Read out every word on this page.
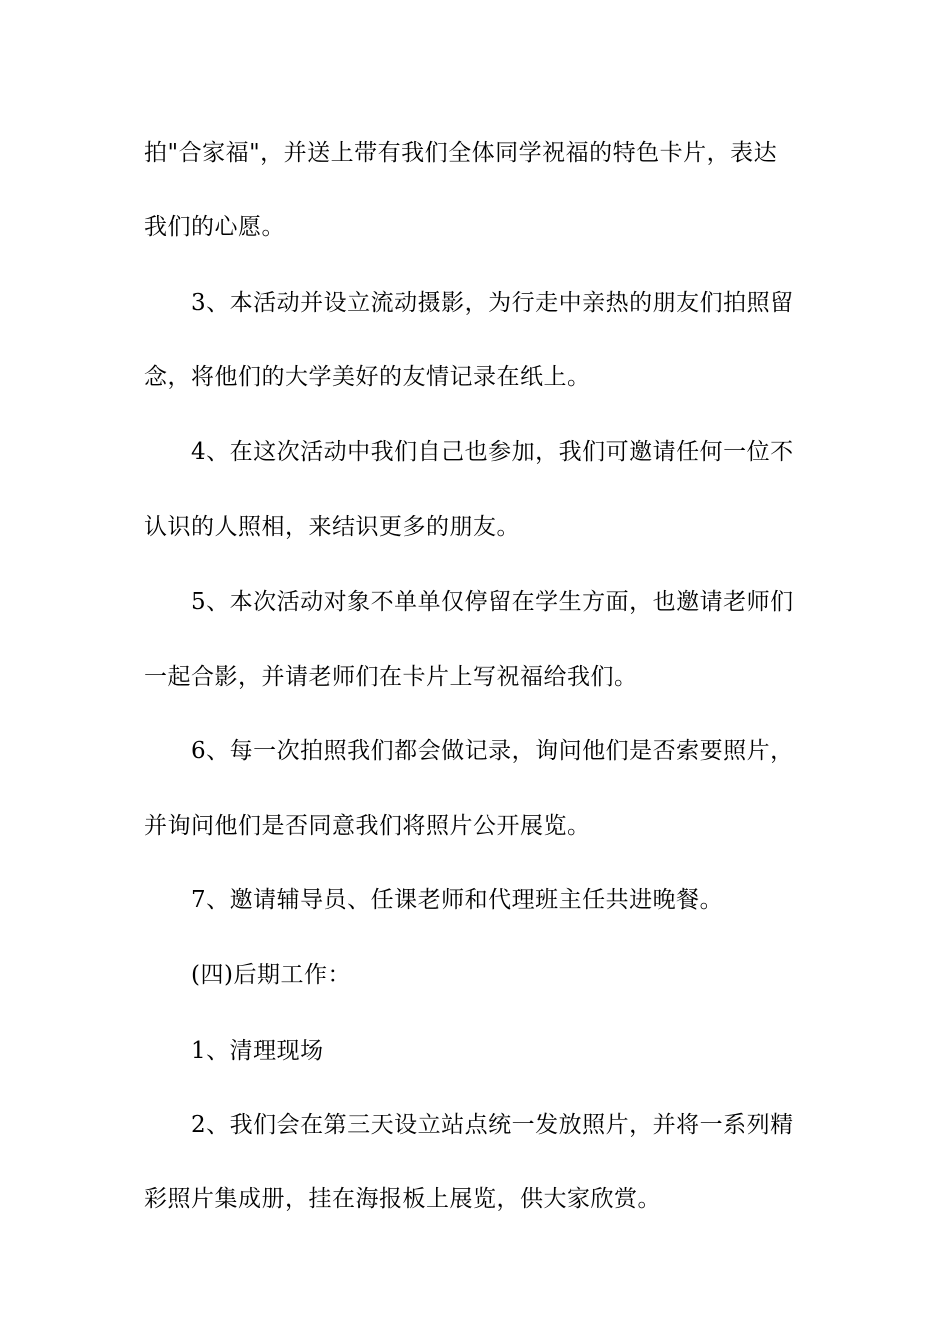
拍"合家福"，并送上带有我们全体同学祝福的特色卡片，表达
我们的心愿。
3、本活动并设立流动摄影，为行走中亲热的朋友们拍照留
念，将他们的大学美好的友情记录在纸上。
4、在这次活动中我们自己也参加，我们可邀请任何一位不
认识的人照相，来结识更多的朋友。
5、本次活动对象不单单仅停留在学生方面，也邀请老师们
一起合影，并请老师们在卡片上写祝福给我们。
6、每一次拍照我们都会做记录，询问他们是否索要照片，
并询问他们是否同意我们将照片公开展览。
7、邀请辅导员、任课老师和代理班主任共进晚餐。
(四)后期工作：
1、清理现场
2、我们会在第三天设立站点统一发放照片，并将一系列精
彩照片集成册，挂在海报板上展览，供大家欣赏。
